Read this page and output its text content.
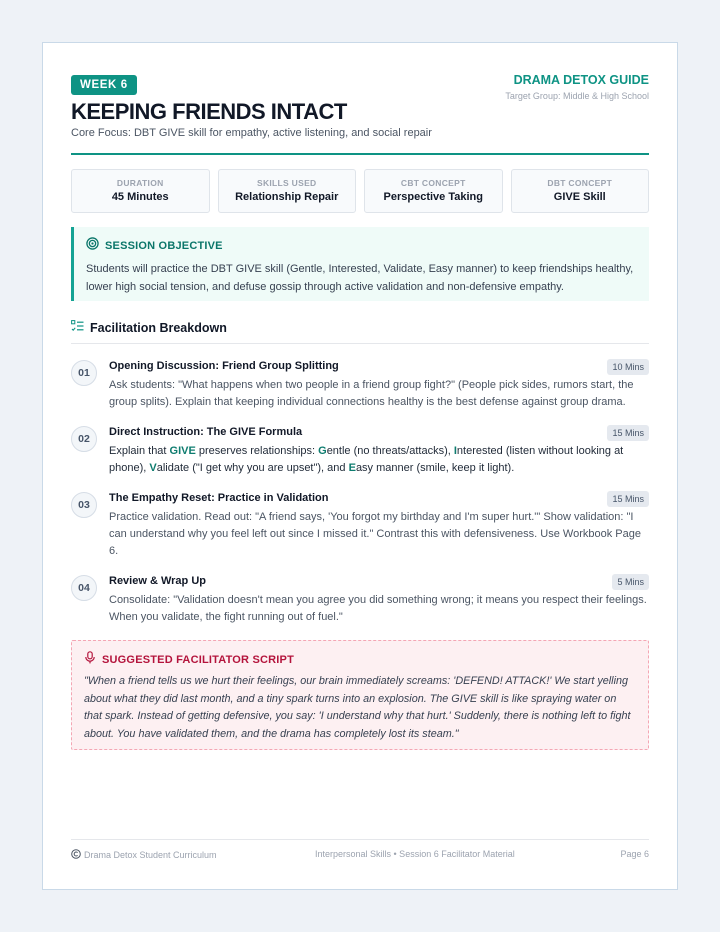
WEEK 6
KEEPING FRIENDS INTACT
Core Focus: DBT GIVE skill for empathy, active listening, and social repair
DRAMA DETOX GUIDE
Target Group: Middle & High School
DURATION
45 Minutes
SKILLS USED
Relationship Repair
CBT CONCEPT
Perspective Taking
DBT CONCEPT
GIVE Skill
SESSION OBJECTIVE

Students will practice the DBT GIVE skill (Gentle, Interested, Validate, Easy manner) to keep friendships healthy, lower high social tension, and defuse gossip through active validation and non-defensive empathy.

Facilitation Breakdown
01
Opening Discussion: Friend Group Splitting	10 Mins

Ask students: "What happens when two people in a friend group fight?" (People pick sides, rumors start, the group splits). Explain that keeping individual connections healthy is the best defense against group drama.

02
Direct Instruction: The GIVE Formula	15 Mins

Explain that GIVE preserves relationships: Gentle (no threats/attacks), Interested (listen without looking at phone), Validate ("I get why you are upset"), and Easy manner (smile, keep it light).

03
The Empathy Reset: Practice in Validation	15 Mins

Practice validation. Read out: "A friend says, 'You forgot my birthday and I'm super hurt.'" Show validation: "I can understand why you feel left out since I missed it." Contrast this with defensiveness. Use Workbook Page 6.

04
Review & Wrap Up	5 Mins

Consolidate: "Validation doesn't mean you agree you did something wrong; it means you respect their feelings. When you validate, the fight running out of fuel."

SUGGESTED FACILITATOR SCRIPT

"When a friend tells us we hurt their feelings, our brain immediately screams: 'DEFEND! ATTACK!' We start yelling about what they did last month, and a tiny spark turns into an explosion. The GIVE skill is like spraying water on that spark. Instead of getting defensive, you say: 'I understand why that hurt.' Suddenly, there is nothing left to fight about. You have validated them, and the drama has completely lost its steam."

Drama Detox Student Curriculum	Interpersonal Skills • Session 6 Facilitator Material	Page 6
